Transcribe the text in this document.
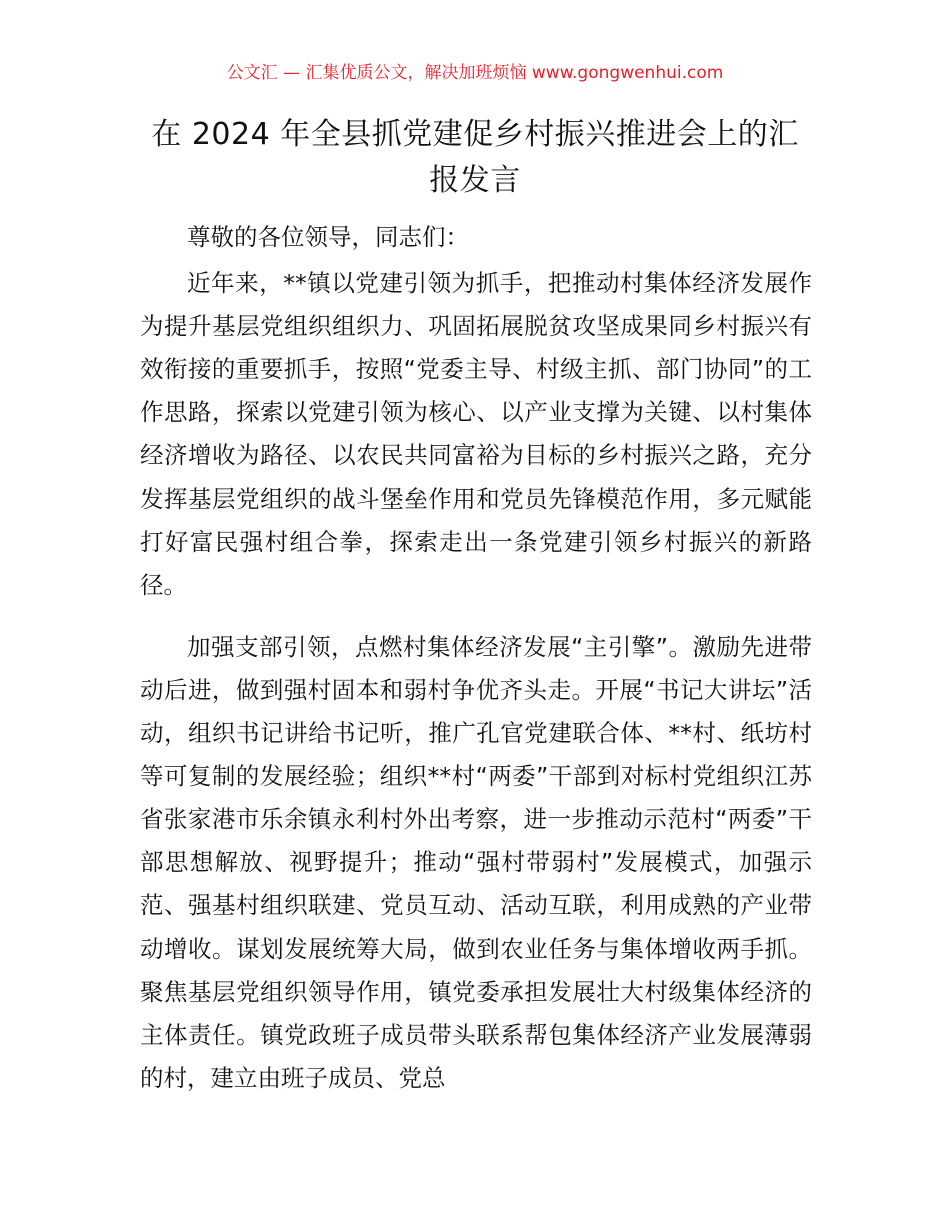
公文汇 — 汇集优质公文，解决加班烦恼 www.gongwenhui.com
在 2024 年全县抓党建促乡村振兴推进会上的汇报发言

尊敬的各位领导，同志们：

近年来，**镇以党建引领为抓手，把推动村集体经济发展作为提升基层党组织组织力、巩固拓展脱贫攻坚成果同乡村振兴有效衔接的重要抓手，按照“党委主导、村级主抓、部门协同”的工作思路，探索以党建引领为核心、以产业支撑为关键、以村集体经济增收为路径、以农民共同富裕为目标的乡村振兴之路，充分发挥基层党组织的战斗堡垒作用和党员先锋模范作用，多元赋能打好富民强村组合拳，探索走出一条党建引领乡村振兴的新路径。

加强支部引领，点燃村集体经济发展“主引擎”。激励先进带动后进，做到强村固本和弱村争优齐头走。开展“书记大讲坛”活动，组织书记讲给书记听，推广孔官党建联合体、**村、纸坊村等可复制的发展经验；组织**村“两委”干部到对标村党组织江苏省张家港市乐余镇永利村外出考察，进一步推动示范村“两委”干部思想解放、视野提升；推动“强村带弱村”发展模式，加强示范、强基村组织联建、党员互动、活动互联，利用成熟的产业带动增收。谋划发展统筹大局，做到农业任务与集体增收两手抓。聚焦基层党组织领导作用，镇党委承担发展壮大村级集体经济的主体责任。镇党政班子成员带头联系帮包集体经济产业发展薄弱的村，建立由班子成员、党总
